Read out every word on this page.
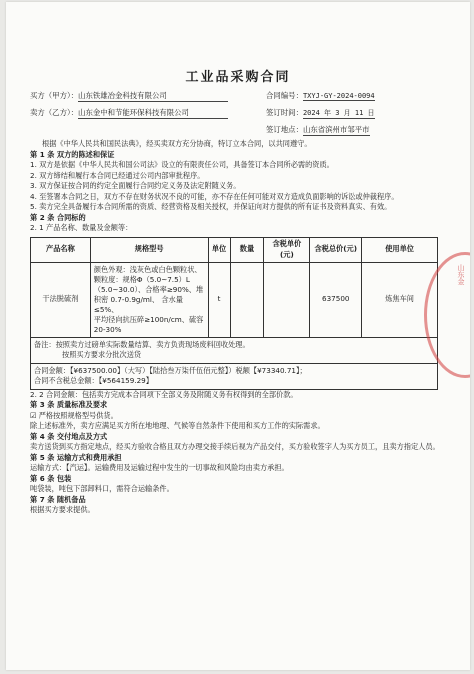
工业品采购合同
买方（甲方）：山东铁雄冶金科技有限公司	合同编号：TXYJ-GY-2024-0094
卖方（乙方）：山东金中和节能环保科技有限公司	签订时间：2024 年 3 月 11 日
签订地点：山东省滨州市邹平市

根据《中华人民共和国民法典》，经买卖双方充分协商，特订立本合同，以共同遵守。

第 1 条 双方的陈述和保证

1. 双方是依据《中华人民共和国公司法》设立的有限责任公司，具备签订本合同所必需的资质。

2. 双方缔结和履行本合同已经通过公司内部审批程序。

3. 双方保证按合同的约定全面履行合同约定义务及法定附随义务。

4. 至签署本合同之日，双方不存在财务状况不良的可能，亦不存在任何可能对双方造成负面影响的诉讼或仲裁程序。

5. 卖方完全具备履行本合同所需的资质、经营资格及相关授权，并保证向对方提供的所有证书及资料真实、有效。

第 2 条 合同标的

2. 1 产品名称、数量及金额等：

产品名称	规格型号	单位	数量	含税单价(元)	含税总价(元)	使用单位
干法脱硫剂	颜色外观：浅灰色或白色颗粒状、颗粒度：规格Φ（5.0~7.5）L（5.0~30.0）、合格率≥90%、堆积密 0.7-0.9g/ml、 含水量≤5%、
平均径向抗压碎≥100n/cm、硫容 20-30%	t			637500	炼焦车间

备注：按照卖方过磅单实际数量结算、卖方负责现场废料回收处理。
按照买方要求分批次送货						

合同金额：【¥637500.00】（大写）【陆拾叁万柒仟伍佰元整】）税额【¥73340.71】；
合同不含税总金额：【¥564159.29】						

2. 2 合同金额：包括卖方完成本合同项下全部义务及附随义务有权得到的全部价款。

第 3 条 质量标准及要求

☑ 严格按照规格型号供货。

除上述标准外，卖方应满足买方所在地地理、气候等自然条件下使用和买方工作的实际需求。

第 4 条 交付地点及方式

卖方送货到买方指定地点，经买方验收合格且双方办理交接手续后视为产品交付，买方验收签字人为买方员工，且卖方指定人员。

第 5 条 运输方式和费用承担

运输方式：【汽运】。运输费用及运输过程中发生的一切事故和风险均由卖方承担。

第 6 条 包装

吨袋装，吨包下部卸料口，需符合运输条件。

第 7 条 随机备品

根据买方要求提供。

山东金
